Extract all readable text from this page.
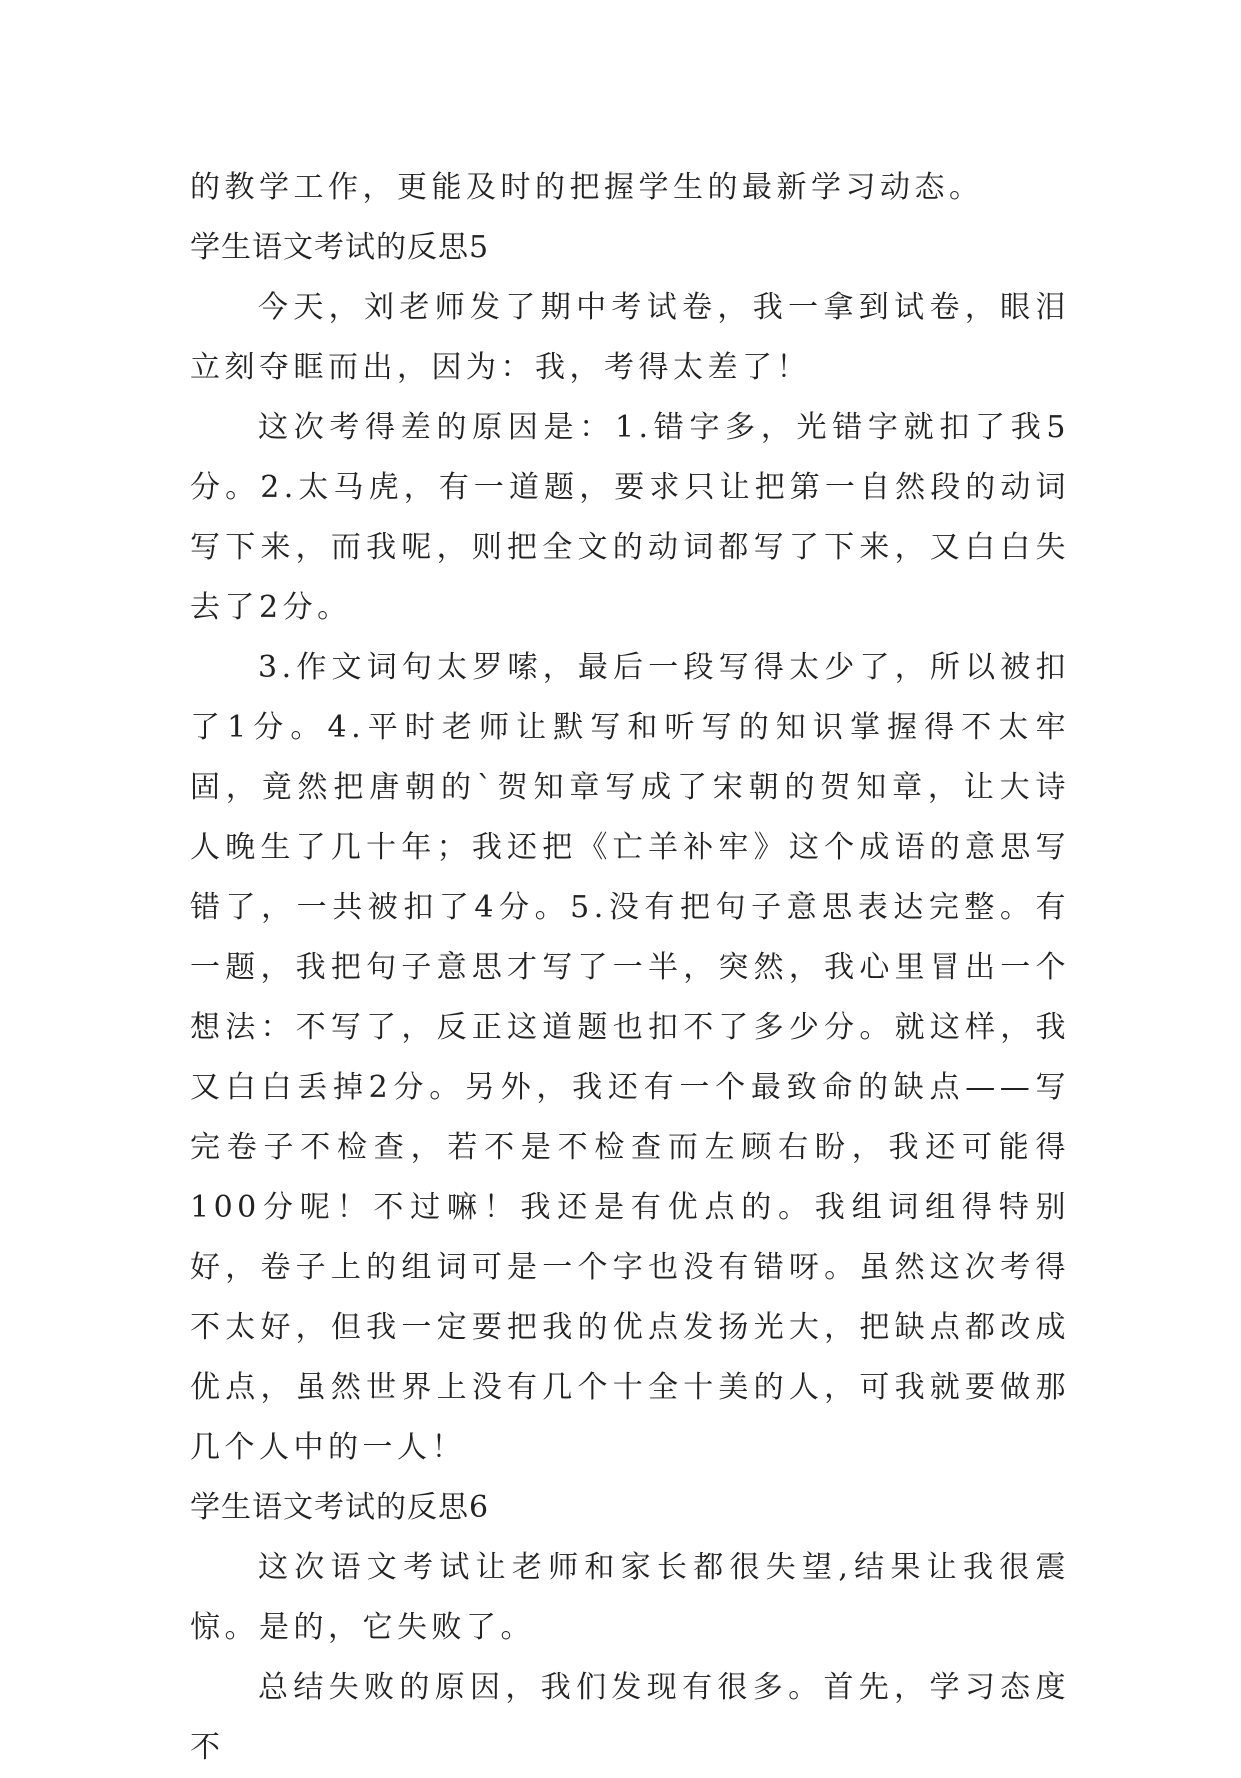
的教学工作，更能及时的把握学生的最新学习动态。

学生语文考试的反思5

今天，刘老师发了期中考试卷，我一拿到试卷，眼泪立刻夺眶而出，因为：我，考得太差了！

这次考得差的原因是：1.错字多，光错字就扣了我5分。2.太马虎，有一道题，要求只让把第一自然段的动词写下来，而我呢，则把全文的动词都写了下来，又白白失去了2分。

3.作文词句太罗嗦，最后一段写得太少了，所以被扣了1分。4.平时老师让默写和听写的知识掌握得不太牢固，竟然把唐朝的`贺知章写成了宋朝的贺知章，让大诗人晚生了几十年；我还把《亡羊补牢》这个成语的意思写错了，一共被扣了4分。5.没有把句子意思表达完整。有一题，我把句子意思才写了一半，突然，我心里冒出一个想法：不写了，反正这道题也扣不了多少分。就这样，我又白白丢掉2分。另外，我还有一个最致命的缺点——写完卷子不检查，若不是不检查而左顾右盼，我还可能得100分呢！不过嘛！我还是有优点的。我组词组得特别好，卷子上的组词可是一个字也没有错呀。虽然这次考得不太好，但我一定要把我的优点发扬光大，把缺点都改成优点，虽然世界上没有几个十全十美的人，可我就要做那几个人中的一人！

学生语文考试的反思6

这次语文考试让老师和家长都很失望,结果让我很震惊。是的，它失败了。

总结失败的原因，我们发现有很多。首先，学习态度不
